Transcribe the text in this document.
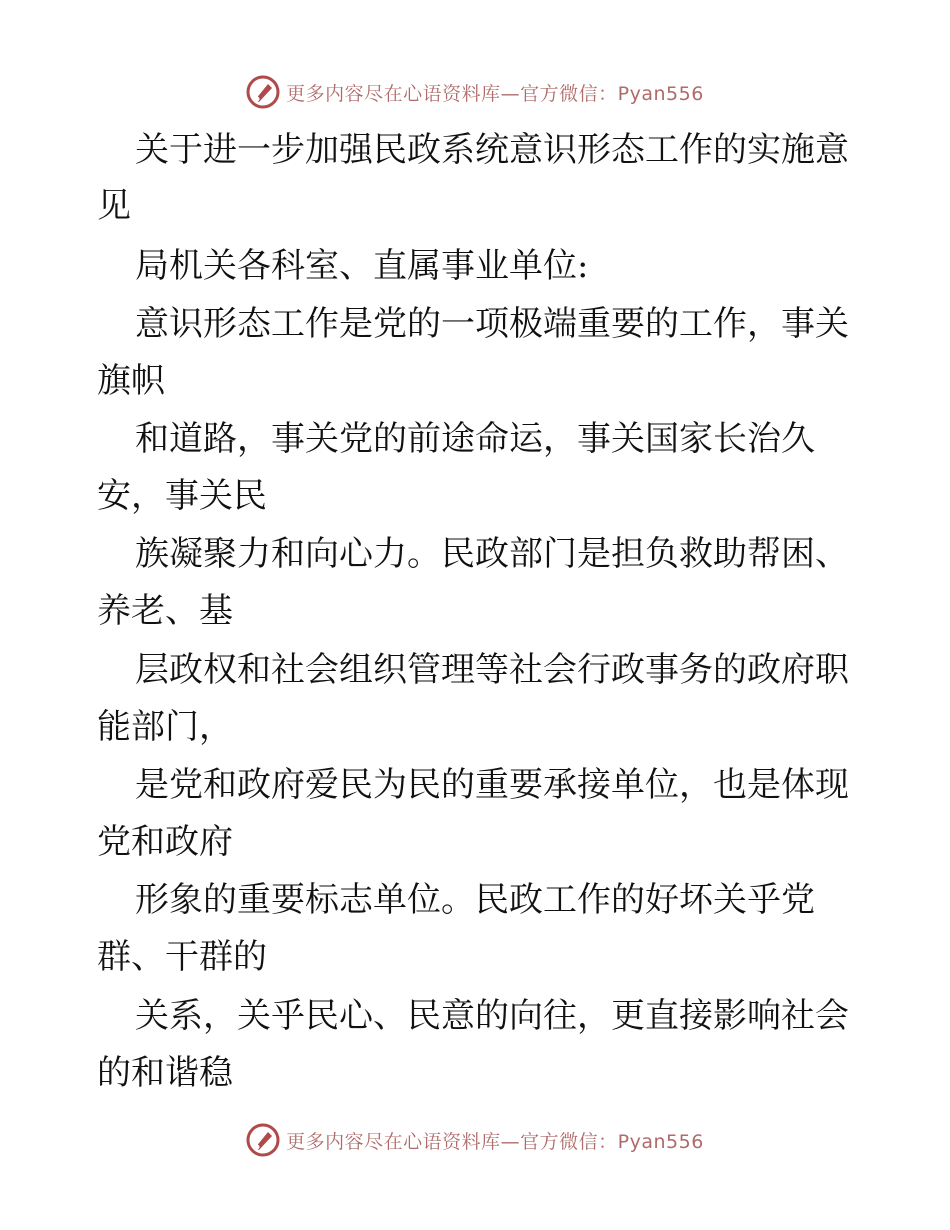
更多内容尽在心语资料库—官方微信：Pyan556
关于进一步加强民政系统意识形态工作的实施意
见
局机关各科室、直属事业单位:
意识形态工作是党的一项极端重要的工作，事关
旗帜
和道路，事关党的前途命运，事关国家长治久
安，事关民
族凝聚力和向心力。民政部门是担负救助帮困、
养老、基
层政权和社会组织管理等社会行政事务的政府职
能部门，
是党和政府爱民为民的重要承接单位，也是体现
党和政府
形象的重要标志单位。民政工作的好坏关乎党
群、干群的
关系，关乎民心、民意的向往，更直接影响社会
的和谐稳
更多内容尽在心语资料库—官方微信：Pyan556
